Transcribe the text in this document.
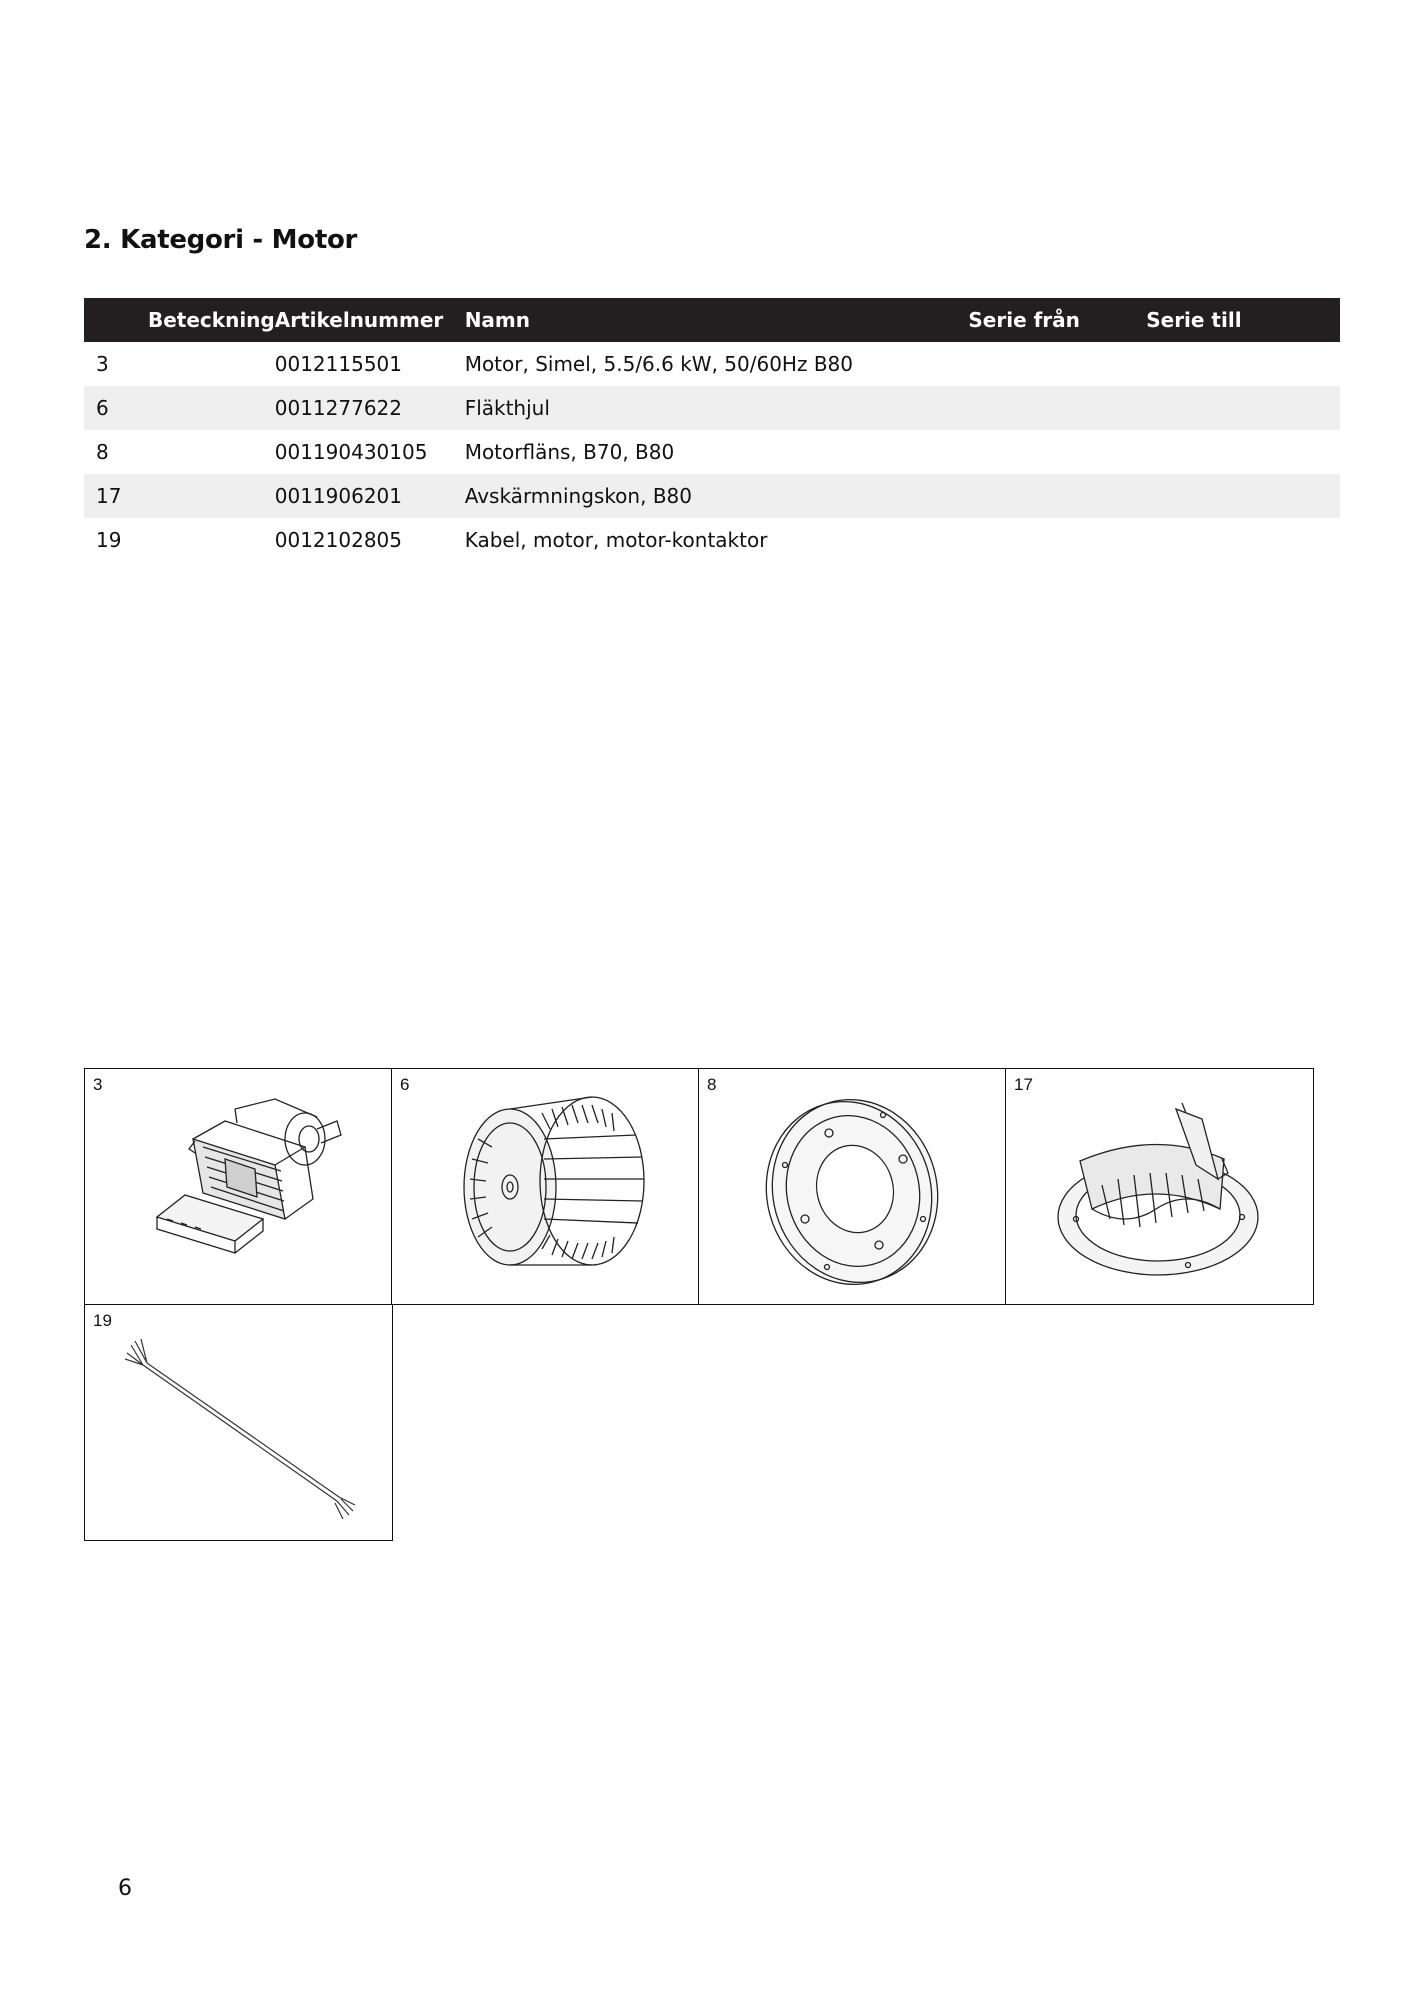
2. Kategori - Motor
Beteckning	Artikelnummer	Namn	Serie från	Serie till
3	0012115501	Motor, Simel, 5.5/6.6 kW, 50/60Hz B80		
6	0011277622	Fläkthjul		
8	001190430105	Motorfläns, B70, B80		
17	0011906201	Avskärmningskon, B80		
19	0012102805	Kabel, motor, motor-kontaktor		
3	6	8	17
19
6
